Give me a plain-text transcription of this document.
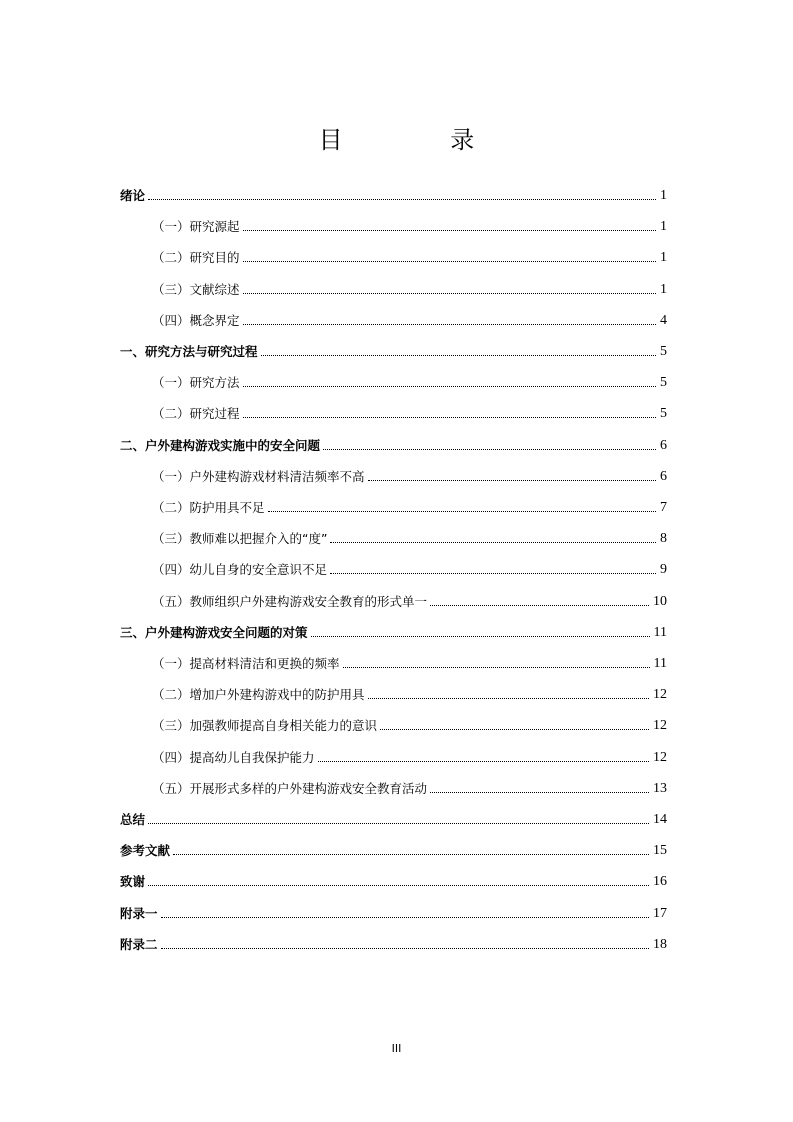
目 录
绪论	1
（一）研究源起	1
（二）研究目的	1
（三）文献综述	1
（四）概念界定	4
一、研究方法与研究过程	5
（一）研究方法	5
（二）研究过程	5
二、户外建构游戏实施中的安全问题	6
（一）户外建构游戏材料清洁频率不高	6
（二）防护用具不足	7
（三）教师难以把握介入的“度”	8
（四）幼儿自身的安全意识不足	9
（五）教师组织户外建构游戏安全教育的形式单一	10
三、户外建构游戏安全问题的对策	11
（一）提高材料清洁和更换的频率	11
（二）增加户外建构游戏中的防护用具	12
（三）加强教师提高自身相关能力的意识	12
（四）提高幼儿自我保护能力	12
（五）开展形式多样的户外建构游戏安全教育活动	13
总结	14
参考文献	15
致谢	16
附录一	17
附录二	18
III
